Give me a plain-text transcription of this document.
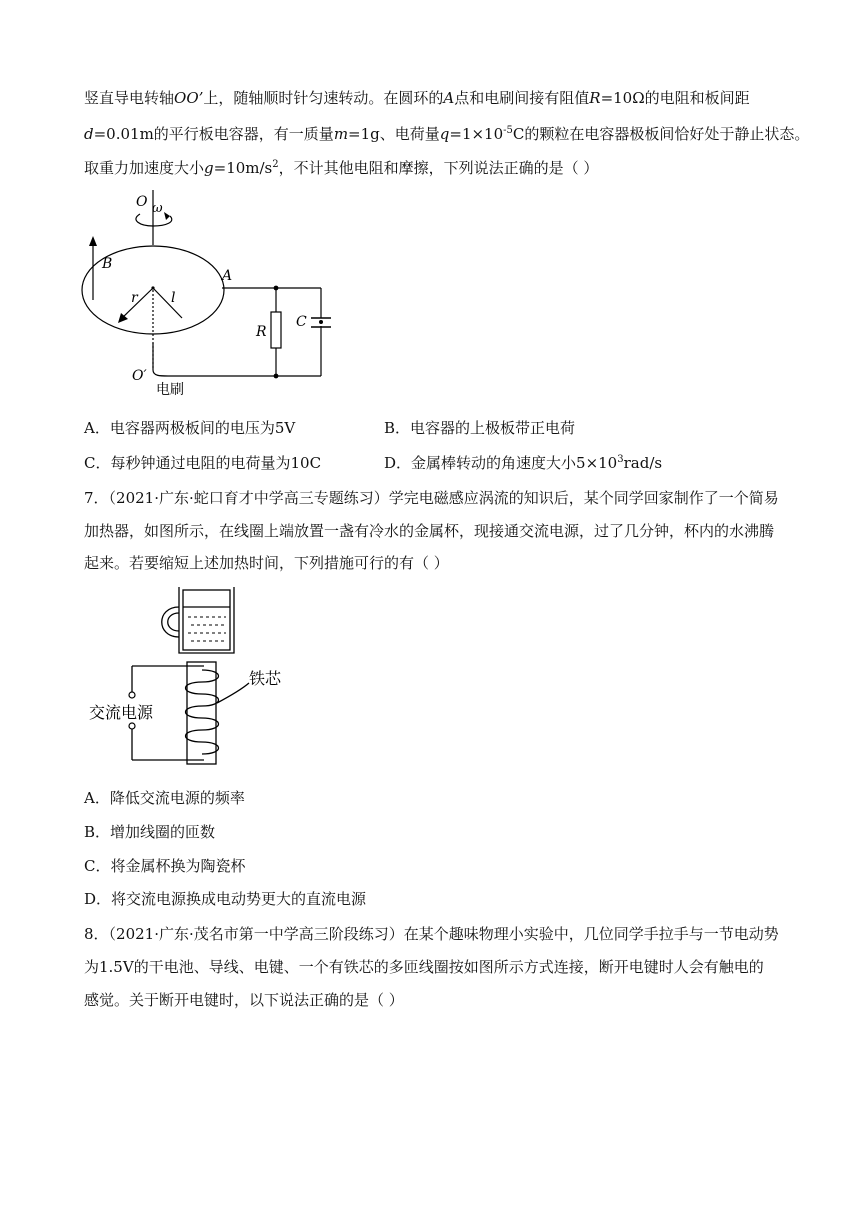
竖直导电转轴OO’上，随轴顺时针匀速转动。在圆环的A点和电刷间接有阻值R=10Ω的电阻和板间距
d=0.01m的平行板电容器，有一质量m=1g、电荷量$q=1\times 10^{-5}C$的颗粒在电容器极板间恰好处于静止状态。
取重力加速度大小$g=10m/s^2$，不计其他电阻和摩擦，下列说法正确的是（ ）
O ω
B
A
r l
R
C
O′
电刷
A．电容器两极板间的电压为5V	B．电容器的上极板带正电荷
C．每秒钟通过电阻的电荷量为10C	D．金属棒转动的角速度大小$5\times 10^3rad/s$
7．（2021·广东·蛇口育才中学高三专题练习）学完电磁感应涡流的知识后，某个同学回家制作了一个简易
加热器，如图所示，在线圈上端放置一盏有冷水的金属杯，现接通交流电源，过了几分钟，杯内的水沸腾
起来。若要缩短上述加热时间，下列措施可行的有（ ）
交流电源
铁芯
A．降低交流电源的频率
B．增加线圈的匝数
C．将金属杯换为陶瓷杯
D．将交流电源换成电动势更大的直流电源
8．（2021·广东·茂名市第一中学高三阶段练习）在某个趣味物理小实验中，几位同学手拉手与一节电动势
为1.5V的干电池、导线、电键、一个有铁芯的多匝线圈按如图所示方式连接，断开电键时人会有触电的
感觉。关于断开电键时，以下说法正确的是（ ）
